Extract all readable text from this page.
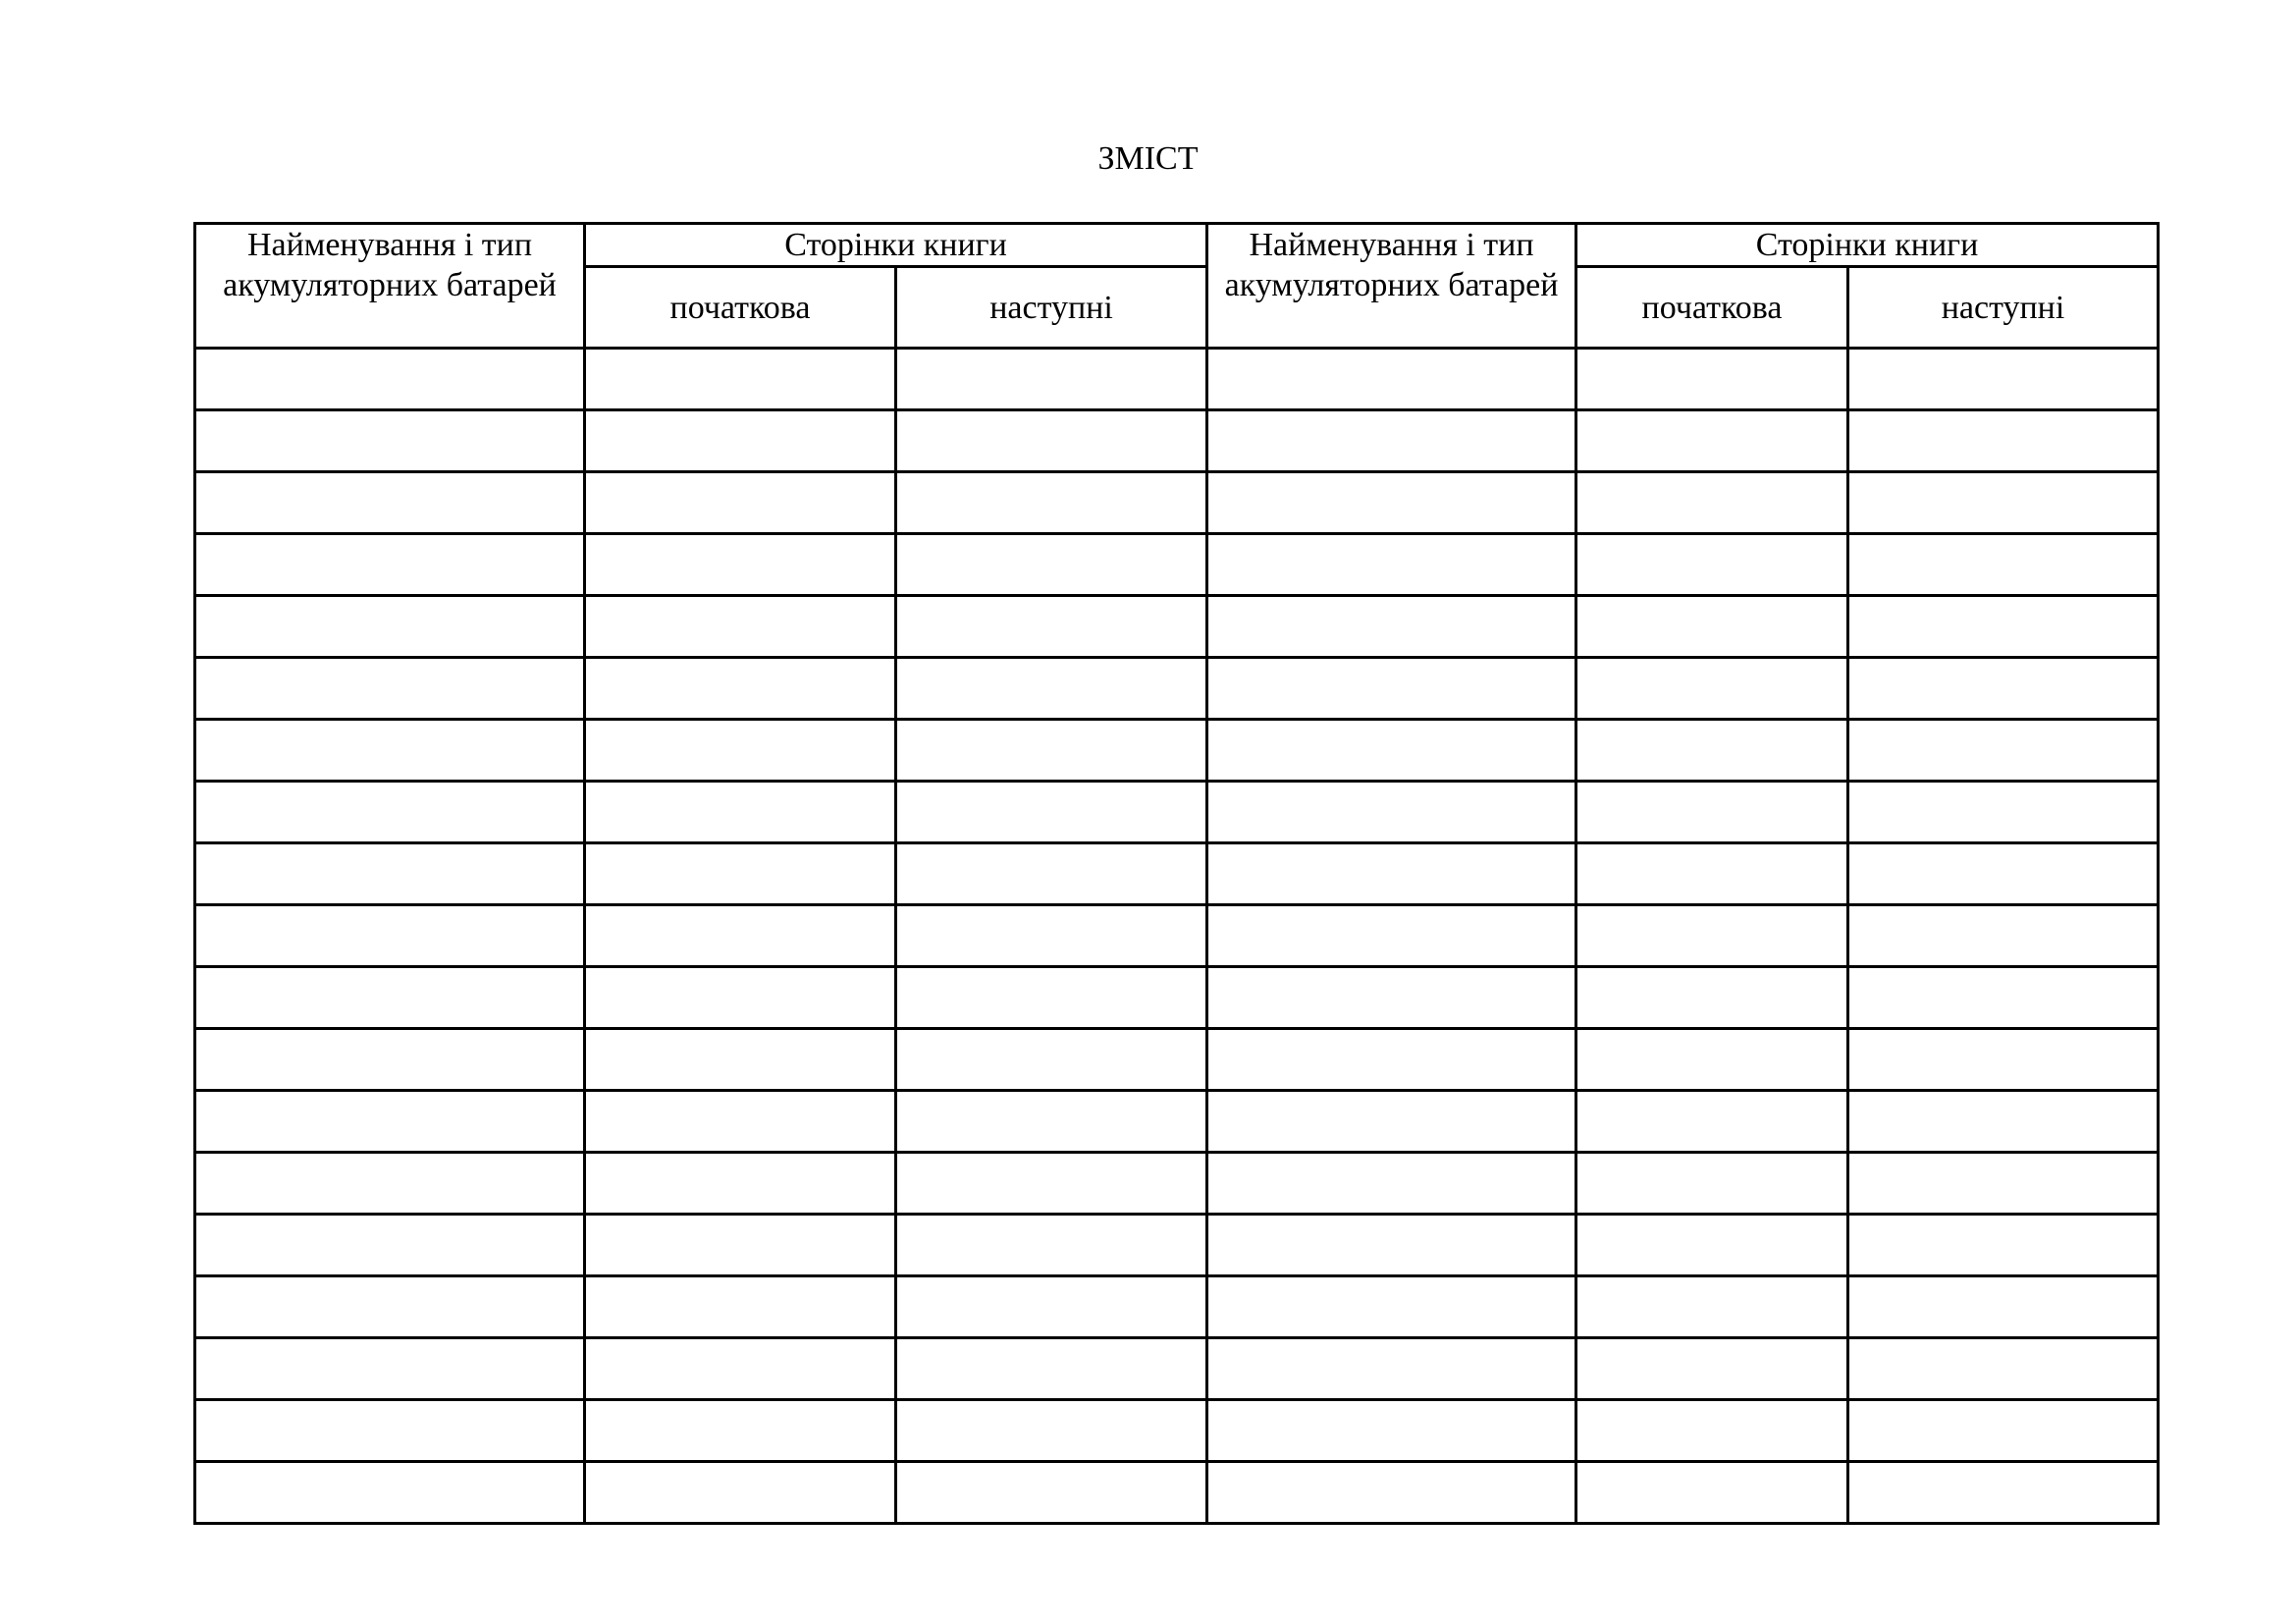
ЗМІСТ
Найменування і тип акумуляторних батарей	Сторінки книги		Найменування і тип акумуляторних батарей	Сторінки книги	
	початкова	наступні		початкова	наступні
